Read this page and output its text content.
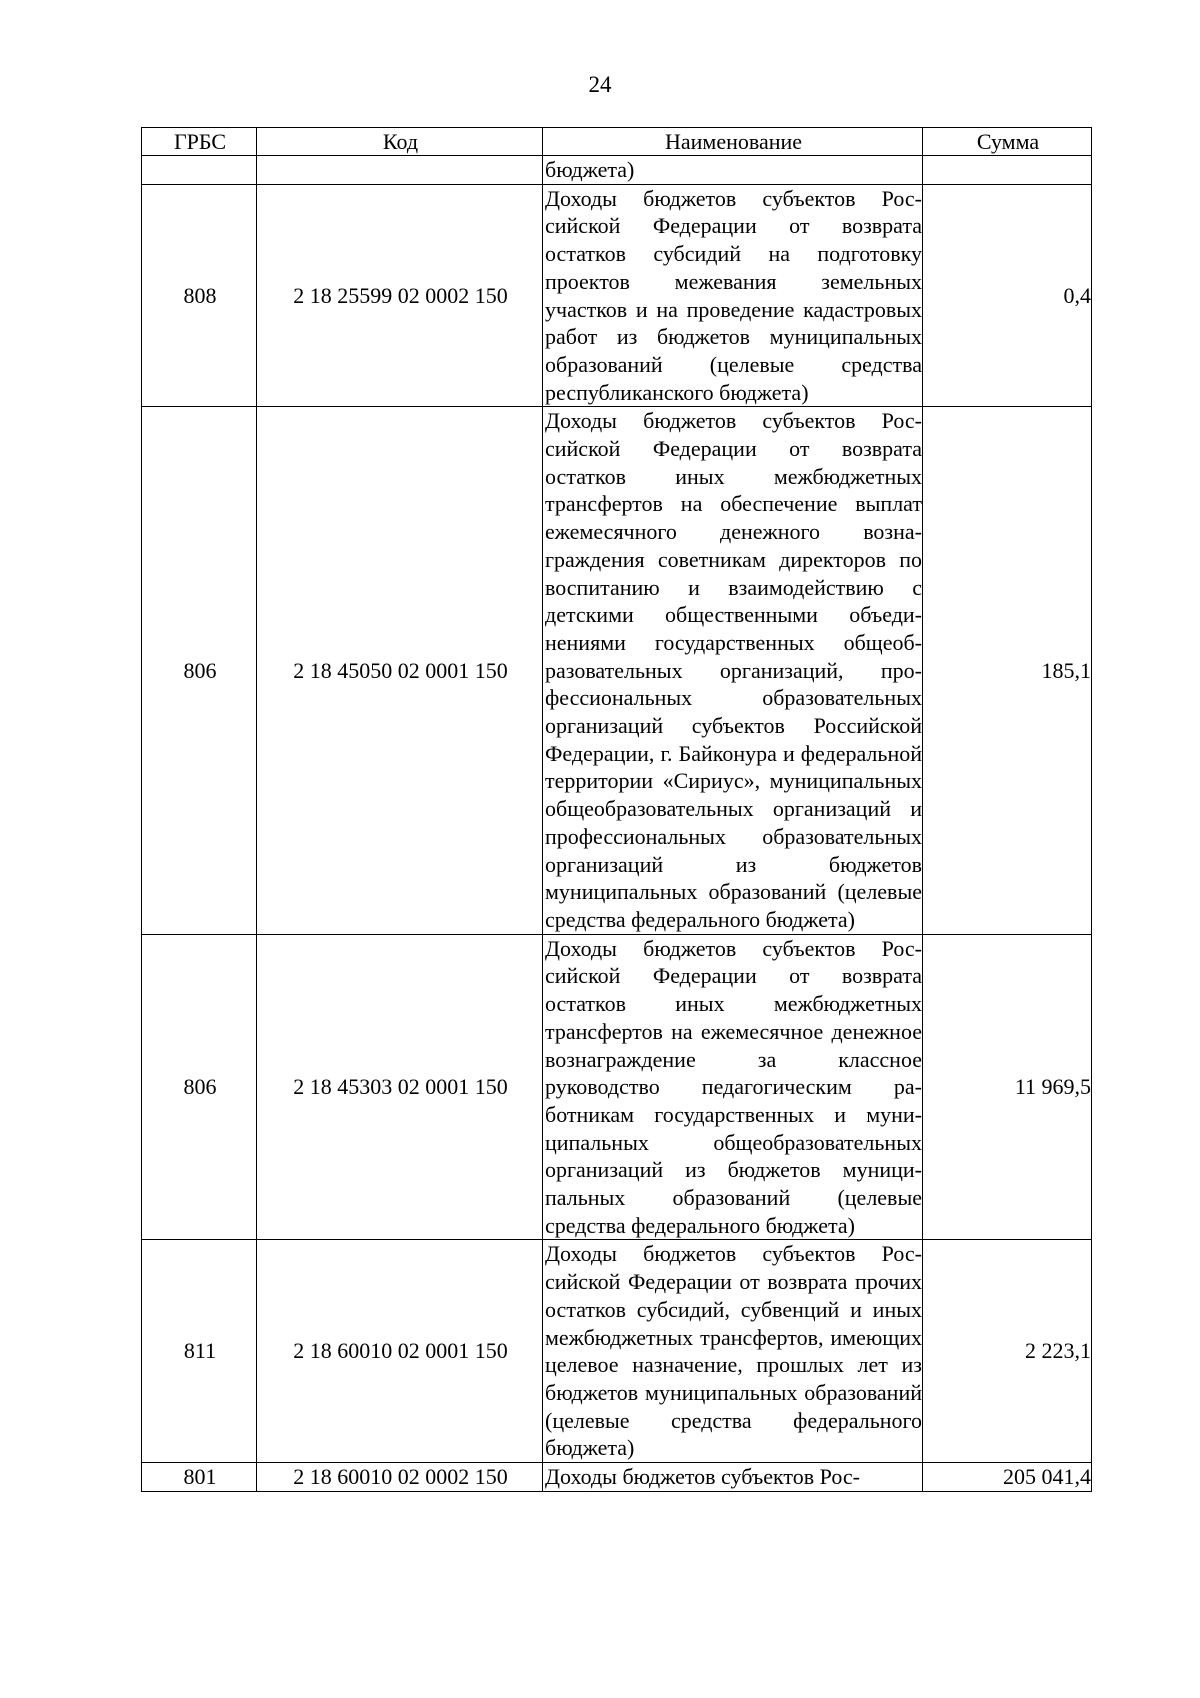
24
ГРБС	Код	Наименование	Сумма

		бюджета)	

808	2 18 25599 02 0002 150	Доходы бюджетов субъектов Российской Федерации от возврата остатков субсидий на подготовку проектов межевания земельных участков и на проведение кадастровых работ из бюджетов муниципальных образований (целевые средства республиканского бюджета)	0,4
806	2 18 45050 02 0001 150	Доходы бюджетов субъектов Российской Федерации от возврата остатков иных межбюджетных трансфертов на обеспечение выплат ежемесячного денежного вознаграждения советникам директоров по воспитанию и взаимодействию с детскими общественными объединениями государственных общеобразовательных организаций, профессиональных образовательных организаций субъектов Российской Федерации, г. Байконура и федеральной территории «Сириус», муниципальных общеобразовательных организаций и профессиональных образовательных организаций из бюджетов муниципальных образований (целевые средства федерального бюджета)	185,1
806	2 18 45303 02 0001 150	Доходы бюджетов субъектов Российской Федерации от возврата остатков иных межбюджетных трансфертов на ежемесячное денежное вознаграждение за классное руководство педагогическим работникам государственных и муниципальных общеобразовательных организаций из бюджетов муниципальных образований (целевые средства федерального бюджета)	11 969,5
811	2 18 60010 02 0001 150	Доходы бюджетов субъектов Российской Федерации от возврата прочих остатков субсидий, субвенций и иных межбюджетных трансфертов, имеющих целевое назначение, прошлых лет из бюджетов муниципальных образований (целевые средства федерального бюджета)	2 223,1
801	2 18 60010 02 0002 150	Доходы бюджетов субъектов Рос-	205 041,4
